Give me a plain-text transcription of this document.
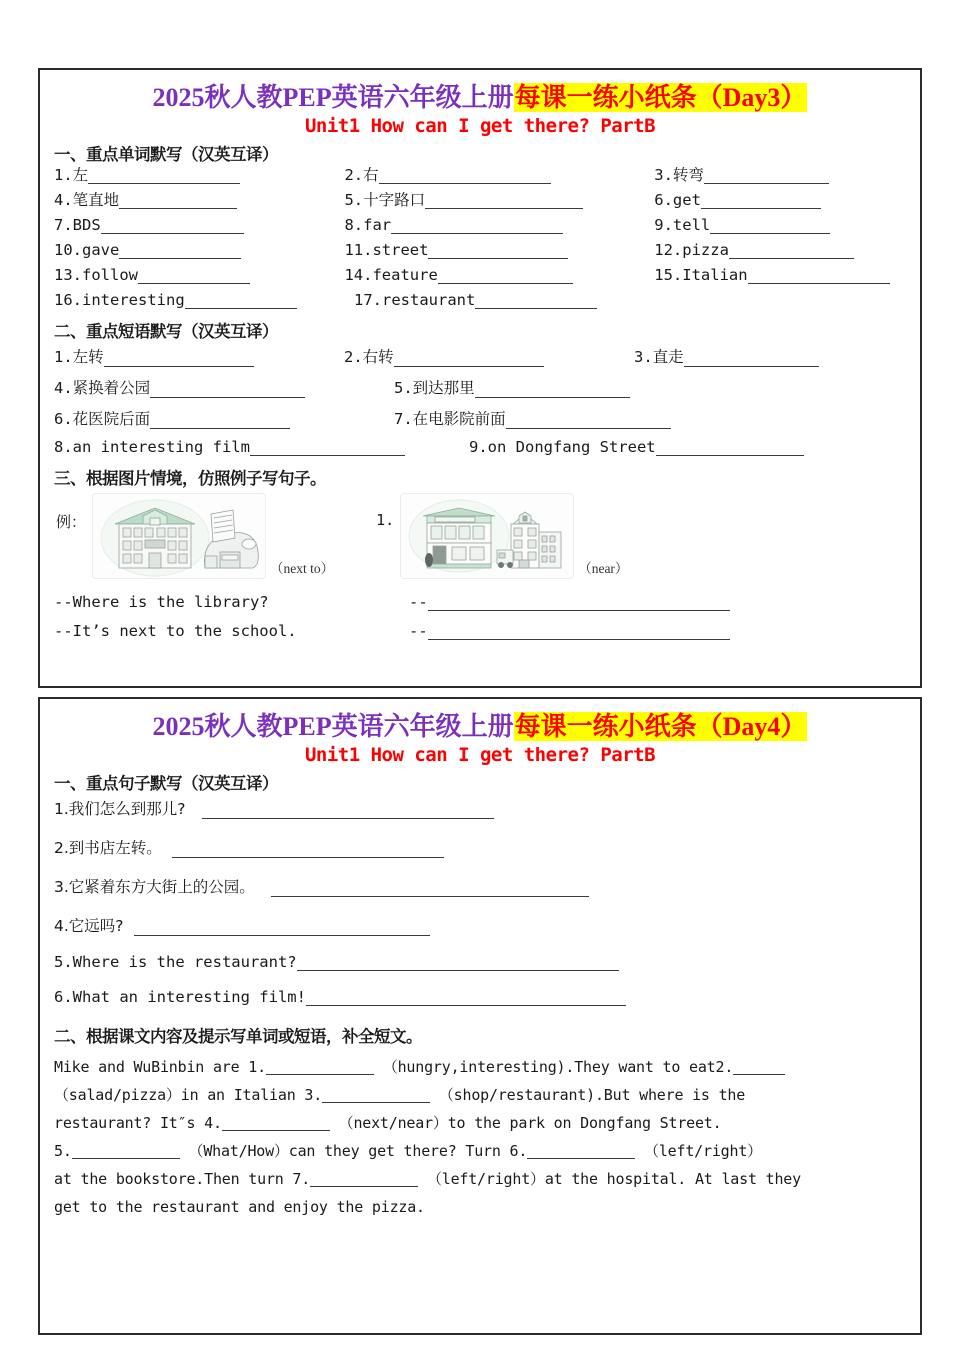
2025秋人教PEP英语六年级上册每课一练小纸条（Day3）
Unit1 How can I get there? PartB
一、重点单词默写（汉英互译）
1.左	2.右	3.转弯
4.笔直地	5.十字路口	6.get
7.BDS	8.far	9.tell
10.gave	11.street	12.pizza
13.follow	14.feature	15.Italian
16.interesting	17.restaurant
二、重点短语默写（汉英互译）
1.左转	2.右转	3.直走
4.紧换着公园	5.到达那里
6.花医院后面	7.在电影院前面
8.an interesting film	9.on Dongfang Street
三、根据图片情境，仿照例子写句子。
例：
（next to）
1.
（near）
--Where is the library?	--
--It’s next to the school.	--
2025秋人教PEP英语六年级上册每课一练小纸条（Day4）
Unit1 How can I get there? PartB
一、重点句子默写（汉英互译）
1.我们怎么到那儿?
2.到书店左转。
3.它紧着东方大街上的公园。
4.它远吗?
5.Where is the restaurant?
6.What an interesting film!
二、根据课文内容及提示写单词或短语，补全短文。
Mike and WuBinbin are 1.	（hungry,interesting).They want to eat2.
（salad/pizza）in an Italian 3.	（shop/restaurant).But where is the
restaurant? It″s 4.	（next/near）to the park on Dongfang Street.
5.	（What/How）can they get there? Turn 6.	（left/right）
at the bookstore.Then turn 7.	（left/right）at the hospital. At last they
get to the restaurant and enjoy the pizza.
